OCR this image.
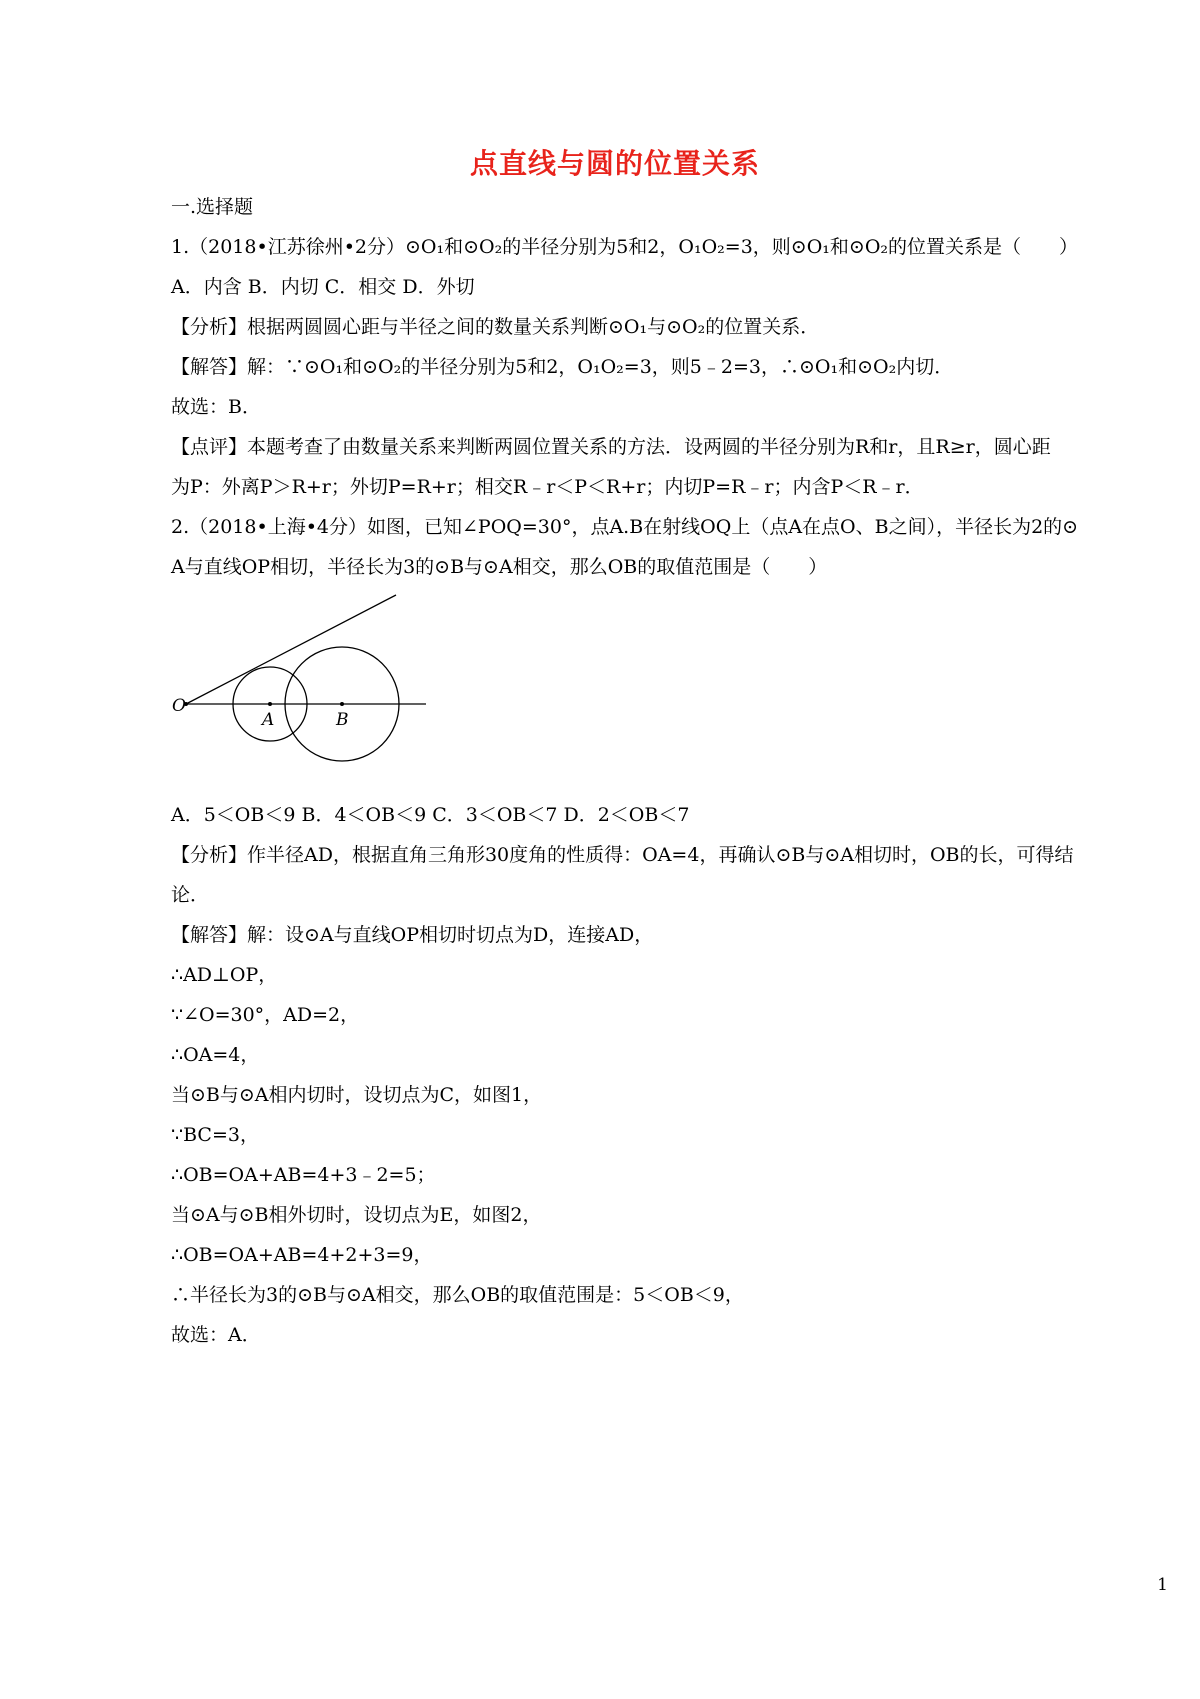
点直线与圆的位置关系
一.选择题
1.（2018•江苏徐州•2分）⊙O₁和⊙O₂的半径分别为5和2，O₁O₂=3，则⊙O₁和⊙O₂的位置关系是（　　）
A．内含 B．内切 C．相交 D．外切
【分析】根据两圆圆心距与半径之间的数量关系判断⊙O₁与⊙O₂的位置关系．
【解答】解：∵⊙O₁和⊙O₂的半径分别为5和2，O₁O₂=3，则5﹣2=3，∴⊙O₁和⊙O₂内切．
故选：B．
【点评】本题考查了由数量关系来判断两圆位置关系的方法．设两圆的半径分别为R和r，且R≥r，圆心距
为P：外离P＞R+r；外切P=R+r；相交R﹣r＜P＜R+r；内切P=R﹣r；内含P＜R﹣r．
2.（2018•上海•4分）如图，已知∠POQ=30°，点A.B在射线OQ上（点A在点O、B之间），半径长为2的⊙
A与直线OP相切，半径长为3的⊙B与⊙A相交，那么OB的取值范围是（　　）
O
A	B
A．5＜OB＜9 B．4＜OB＜9 C．3＜OB＜7 D．2＜OB＜7
【分析】作半径AD，根据直角三角形30度角的性质得：OA=4，再确认⊙B与⊙A相切时，OB的长，可得结
论．
【解答】解：设⊙A与直线OP相切时切点为D，连接AD，
∴AD⊥OP，
∵∠O=30°，AD=2，
∴OA=4，
当⊙B与⊙A相内切时，设切点为C，如图1，
∵BC=3，
∴OB=OA+AB=4+3﹣2=5；
当⊙A与⊙B相外切时，设切点为E，如图2，
∴OB=OA+AB=4+2+3=9，
∴半径长为3的⊙B与⊙A相交，那么OB的取值范围是：5＜OB＜9，
故选：A．
1
